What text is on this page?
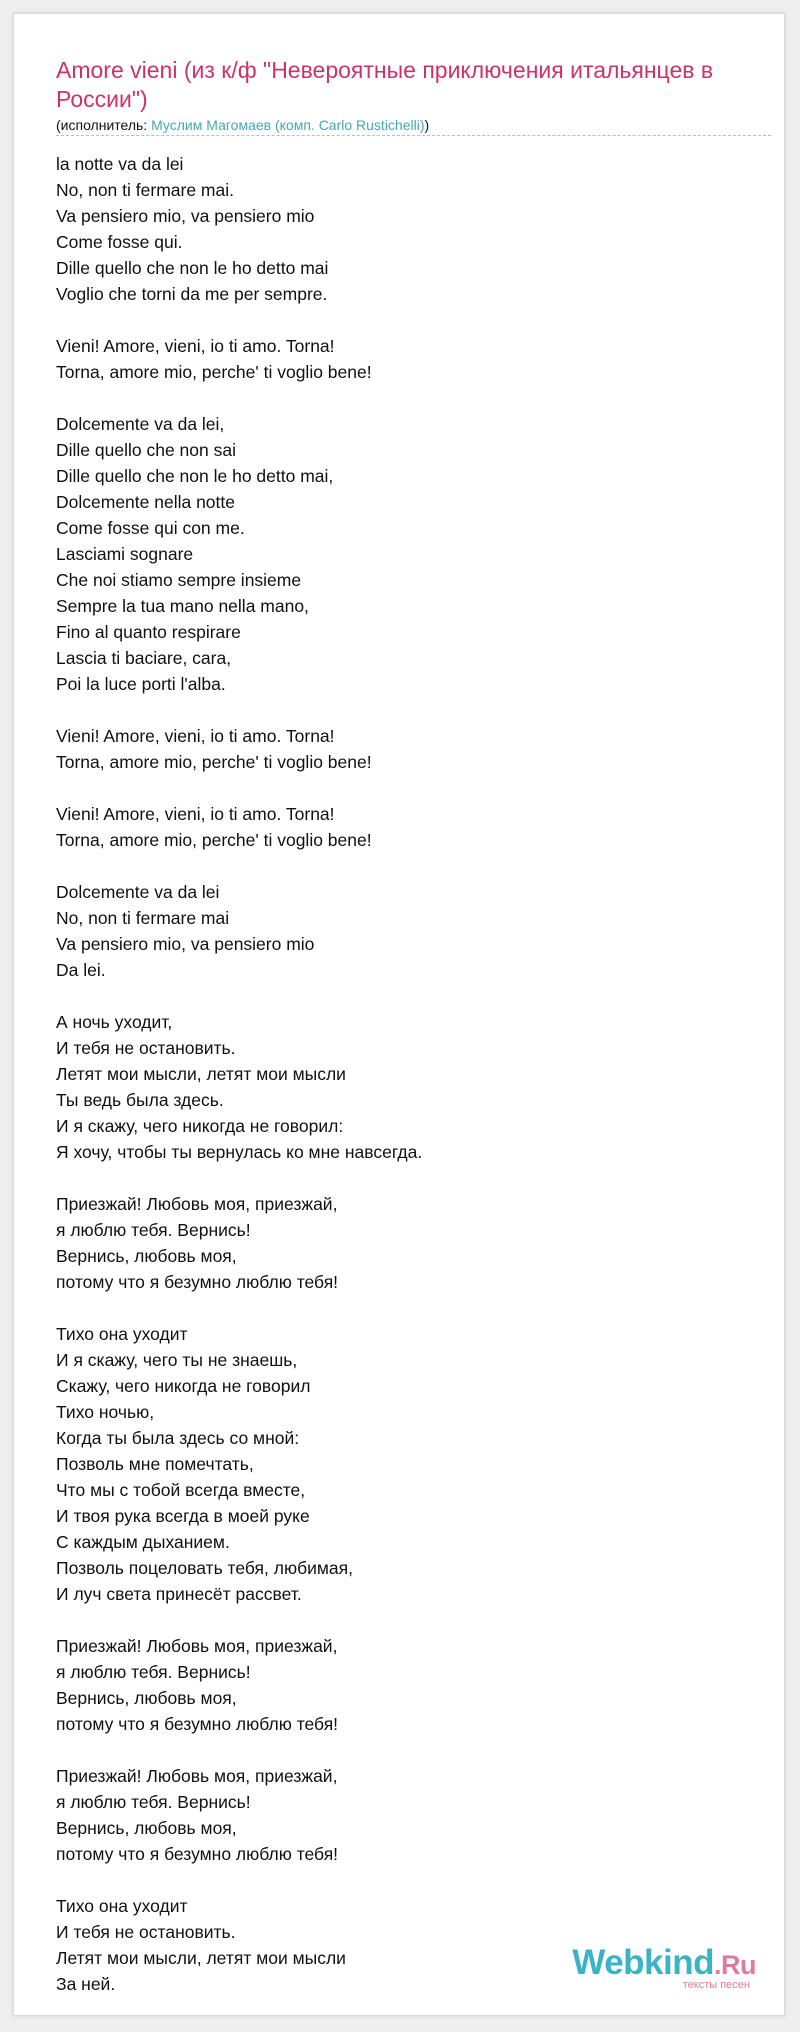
Amore vieni (из к/ф "Невероятные приключения итальянцев в России")
(исполнитель: Муслим Магомаев (комп. Carlo Rustichelli))
la notte va da lei
No, non ti fermare mai.
Va pensiero mio, va pensiero mio
Come fosse qui.
Dille quello che non le ho detto mai
Voglio che torni da me per sempre.
Vieni! Amore, vieni, io ti amo. Torna!
Torna, amore mio, perche' ti voglio bene!
Dolcemente va da lei,
Dille quello che non sai
Dille quello che non le ho detto mai,
Dolcemente nella notte
Come fosse qui con me.
Lasciami sognare
Che noi stiamo sempre insieme
Sempre la tua mano nella mano,
Fino al quanto respirare
Lascia ti baciare, cara,
Poi la luce porti l'alba.
Vieni! Amore, vieni, io ti amo. Torna!
Torna, amore mio, perche' ti voglio bene!
Vieni! Amore, vieni, io ti amo. Torna!
Torna, amore mio, perche' ti voglio bene!
Dolcemente va da lei
No, non ti fermare mai
Va pensiero mio, va pensiero mio
Da lei.
А ночь уходит,
И тебя не остановить.
Летят мои мысли, летят мои мысли
Ты ведь была здесь.
И я скажу, чего никогда не говорил:
Я хочу, чтобы ты вернулась ко мне навсегда.
Приезжай! Любовь моя, приезжай,
я люблю тебя. Вернись!
Вернись, любовь моя,
потому что я безумно люблю тебя!
Тихо она уходит
И я скажу, чего ты не знаешь,
Скажу, чего никогда не говорил
Тихо ночью,
Когда ты была здесь со мной:
Позволь мне помечтать,
Что мы с тобой всегда вместе,
И твоя рука всегда в моей руке
С каждым дыханием.
Позволь поцеловать тебя, любимая,
И луч света принесёт рассвет.
Приезжай! Любовь моя, приезжай,
я люблю тебя. Вернись!
Вернись, любовь моя,
потому что я безумно люблю тебя!
Приезжай! Любовь моя, приезжай,
я люблю тебя. Вернись!
Вернись, любовь моя,
потому что я безумно люблю тебя!
Тихо она уходит
И тебя не остановить.
Летят мои мысли, летят мои мысли
За ней.
Webkind.Ru
тексты песен
